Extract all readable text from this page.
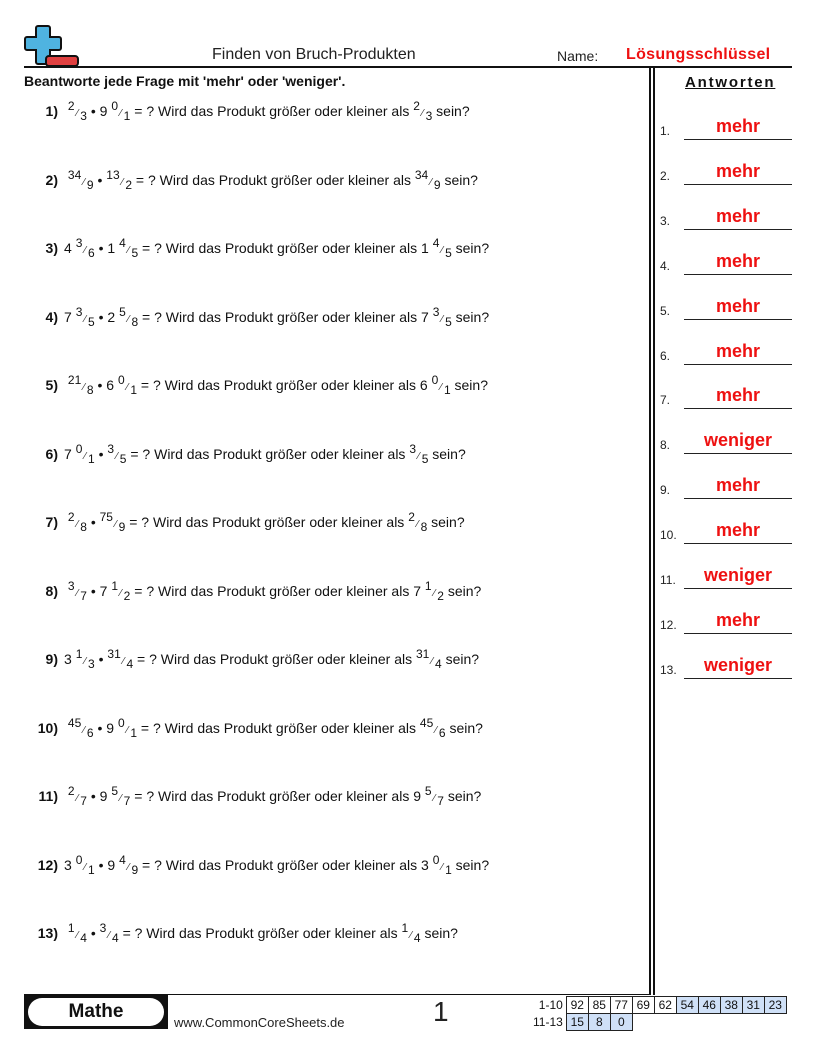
Finden von Bruch-Produkten	Name: Lösungsschlüssel
Beantworte jede Frage mit 'mehr' oder 'weniger'.	Antworten
1) 2⁄ 3 • 9 0⁄ 1 = ? Wird das Produkt größer oder kleiner als 2⁄ 3 sein?
2) 34⁄ 9 • 13⁄ 2 = ? Wird das Produkt größer oder kleiner als 34⁄ 9 sein?
3) 4 3⁄ 6 • 1 4⁄ 5 = ? Wird das Produkt größer oder kleiner als 1 4⁄ 5 sein?
4) 7 3⁄ 5 • 2 5⁄ 8 = ? Wird das Produkt größer oder kleiner als 7 3⁄ 5 sein?
5) 21⁄ 8 • 6 0⁄ 1 = ? Wird das Produkt größer oder kleiner als 6 0⁄ 1 sein?
6) 7 0⁄ 1 • 3⁄ 5 = ? Wird das Produkt größer oder kleiner als 3⁄ 5 sein?
7) 2⁄ 8 • 75⁄ 9 = ? Wird das Produkt größer oder kleiner als 2⁄ 8 sein?
8) 3⁄ 7 • 7 1⁄ 2 = ? Wird das Produkt größer oder kleiner als 7 1⁄ 2 sein?
9) 3 1⁄ 3 • 31⁄ 4 = ? Wird das Produkt größer oder kleiner als 31⁄ 4 sein?
10) 45⁄ 6 • 9 0⁄ 1 = ? Wird das Produkt größer oder kleiner als 45⁄ 6 sein?
11) 2⁄ 7 • 9 5⁄ 7 = ? Wird das Produkt größer oder kleiner als 9 5⁄ 7 sein?
12) 3 0⁄ 1 • 9 4⁄ 9 = ? Wird das Produkt größer oder kleiner als 3 0⁄ 1 sein?
13) 1⁄ 4 • 3⁄ 4 = ? Wird das Produkt größer oder kleiner als 1⁄ 4 sein?
1.	mehr
2.	mehr
3.	mehr
4.	mehr
5.	mehr
6.	mehr
7.	mehr
8.	weniger
9.	mehr
10.	mehr
11.	weniger
12.	mehr
13.	weniger
Mathe
www.CommonCoreSheets.de	1	1-10	92	85	77	69	62	54	46	38	31	23
11-13	15	8	0							
